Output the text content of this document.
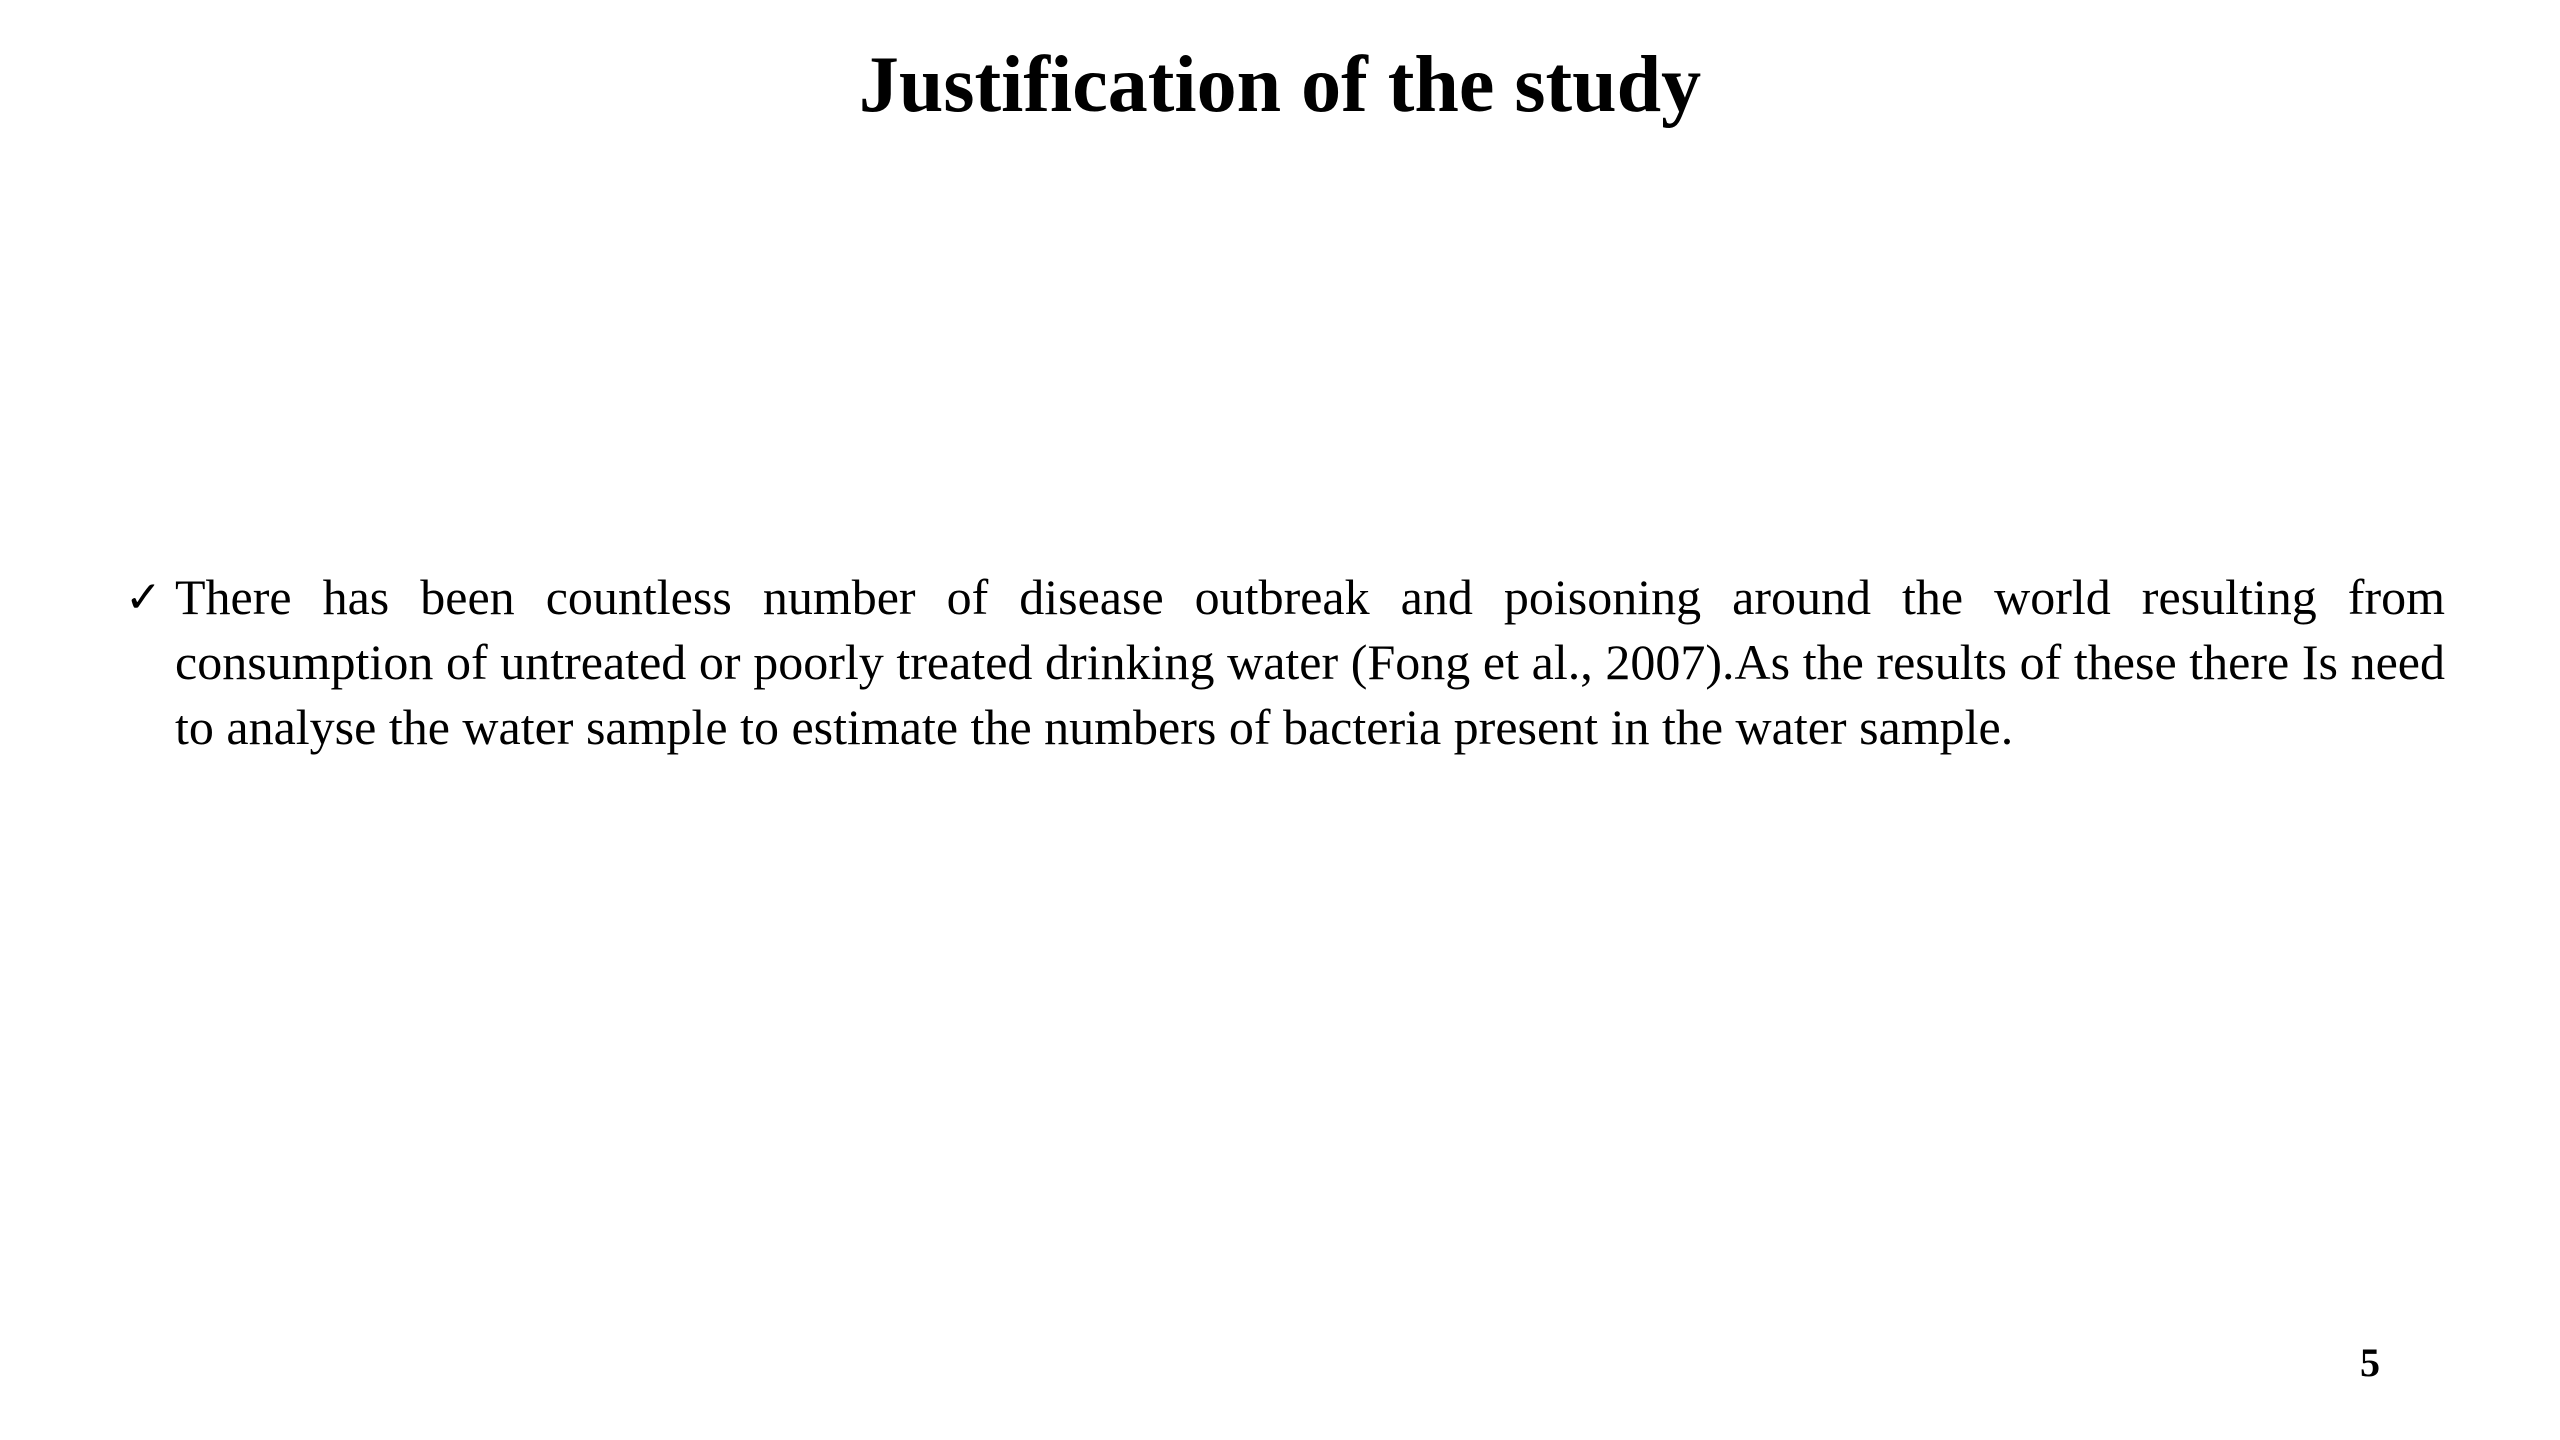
Justification of the study
✓ There has been countless number of disease outbreak and poisoning around the world resulting from consumption of untreated or poorly treated drinking water (Fong et al., 2007).As the results of these there Is need to analyse the water sample to estimate the numbers of bacteria present in the water sample.

5
